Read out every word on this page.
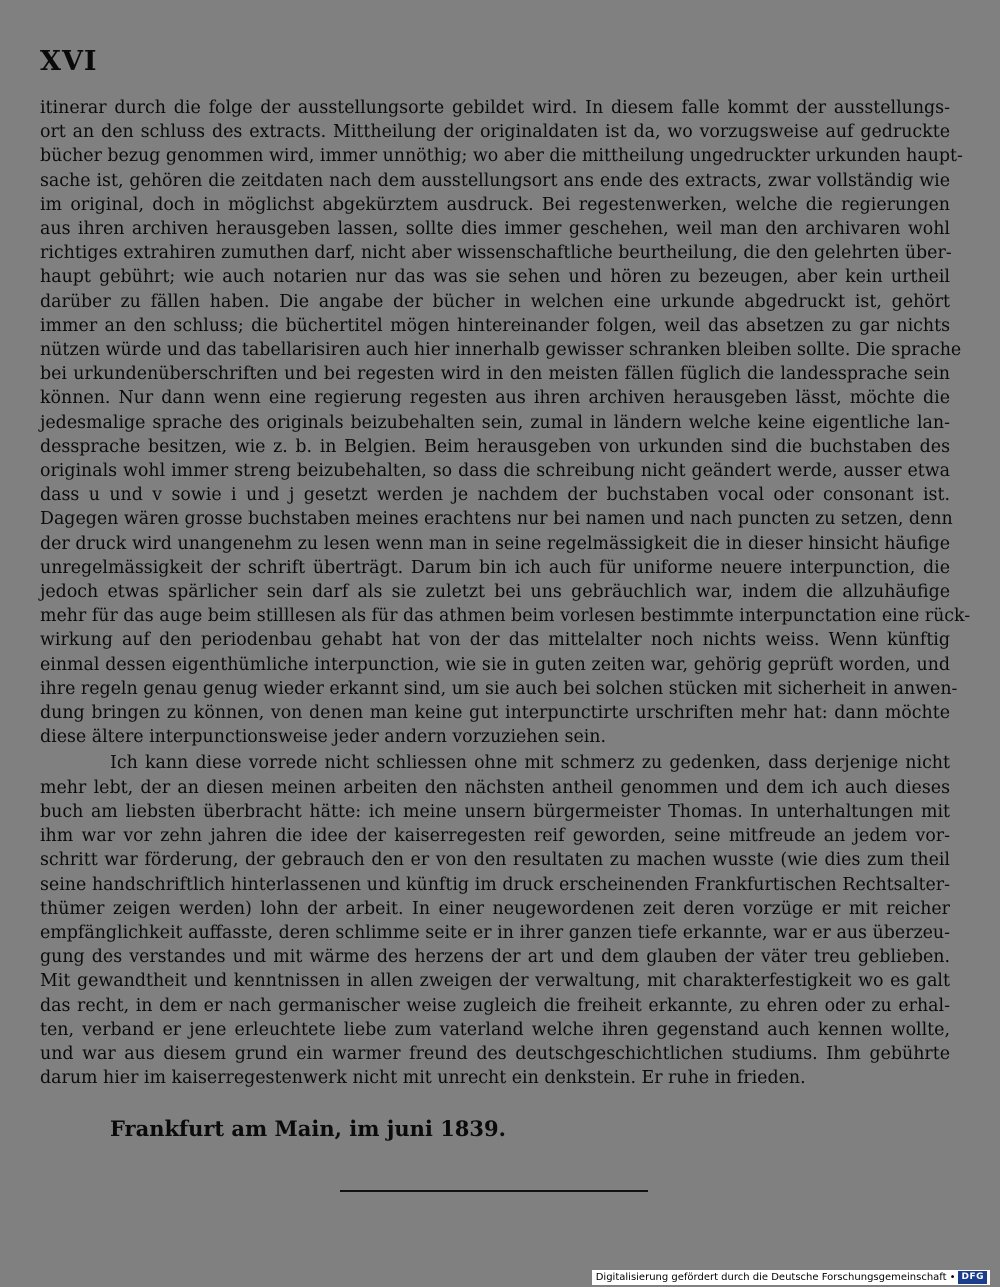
XVI
itinerar durch die folge der ausstellungsorte gebildet wird. In diesem falle kommt der ausstellungs-
ort an den schluss des extracts. Mittheilung der originaldaten ist da, wo vorzugsweise auf gedruckte
bücher bezug genommen wird, immer unnöthig; wo aber die mittheilung ungedruckter urkunden haupt-
sache ist, gehören die zeitdaten nach dem ausstellungsort ans ende des extracts, zwar vollständig wie
im original, doch in möglichst abgekürztem ausdruck. Bei regestenwerken, welche die regierungen
aus ihren archiven herausgeben lassen, sollte dies immer geschehen, weil man den archivaren wohl
richtiges extrahiren zumuthen darf, nicht aber wissenschaftliche beurtheilung, die den gelehrten über-
haupt gebührt; wie auch notarien nur das was sie sehen und hören zu bezeugen, aber kein urtheil
darüber zu fällen haben. Die angabe der bücher in welchen eine urkunde abgedruckt ist, gehört
immer an den schluss; die büchertitel mögen hintereinander folgen, weil das absetzen zu gar nichts
nützen würde und das tabellarisiren auch hier innerhalb gewisser schranken bleiben sollte. Die sprache
bei urkundenüberschriften und bei regesten wird in den meisten fällen füglich die landessprache sein
können. Nur dann wenn eine regierung regesten aus ihren archiven herausgeben lässt, möchte die
jedesmalige sprache des originals beizubehalten sein, zumal in ländern welche keine eigentliche lan-
dessprache besitzen, wie z. b. in Belgien. Beim herausgeben von urkunden sind die buchstaben des
originals wohl immer streng beizubehalten, so dass die schreibung nicht geändert werde, ausser etwa
dass u und v sowie i und j gesetzt werden je nachdem der buchstaben vocal oder consonant ist.
Dagegen wären grosse buchstaben meines erachtens nur bei namen und nach puncten zu setzen, denn
der druck wird unangenehm zu lesen wenn man in seine regelmässigkeit die in dieser hinsicht häufige
unregelmässigkeit der schrift überträgt. Darum bin ich auch für uniforme neuere interpunction, die
jedoch etwas spärlicher sein darf als sie zuletzt bei uns gebräuchlich war, indem die allzuhäufige
mehr für das auge beim stilllesen als für das athmen beim vorlesen bestimmte interpunctation eine rück-
wirkung auf den periodenbau gehabt hat von der das mittelalter noch nichts weiss. Wenn künftig
einmal dessen eigenthümliche interpunction, wie sie in guten zeiten war, gehörig geprüft worden, und
ihre regeln genau genug wieder erkannt sind, um sie auch bei solchen stücken mit sicherheit in anwen-
dung bringen zu können, von denen man keine gut interpunctirte urschriften mehr hat: dann möchte
diese ältere interpunctionsweise jeder andern vorzuziehen sein.
Ich kann diese vorrede nicht schliessen ohne mit schmerz zu gedenken, dass derjenige nicht
mehr lebt, der an diesen meinen arbeiten den nächsten antheil genommen und dem ich auch dieses
buch am liebsten überbracht hätte: ich meine unsern bürgermeister Thomas. In unterhaltungen mit
ihm war vor zehn jahren die idee der kaiserregesten reif geworden, seine mitfreude an jedem vor-
schritt war förderung, der gebrauch den er von den resultaten zu machen wusste (wie dies zum theil
seine handschriftlich hinterlassenen und künftig im druck erscheinenden Frankfurtischen Rechtsalter-
thümer zeigen werden) lohn der arbeit. In einer neugewordenen zeit deren vorzüge er mit reicher
empfänglichkeit auffasste, deren schlimme seite er in ihrer ganzen tiefe erkannte, war er aus überzeu-
gung des verstandes und mit wärme des herzens der art und dem glauben der väter treu geblieben.
Mit gewandtheit und kenntnissen in allen zweigen der verwaltung, mit charakterfestigkeit wo es galt
das recht, in dem er nach germanischer weise zugleich die freiheit erkannte, zu ehren oder zu erhal-
ten, verband er jene erleuchtete liebe zum vaterland welche ihren gegenstand auch kennen wollte,
und war aus diesem grund ein warmer freund des deutschgeschichtlichen studiums. Ihm gebührte
darum hier im kaiserregestenwerk nicht mit unrecht ein denkstein. Er ruhe in frieden.
Frankfurt am Main, im juni 1839.
Digitalisierung gefördert durch die Deutsche Forschungsgemeinschaft • DFG
